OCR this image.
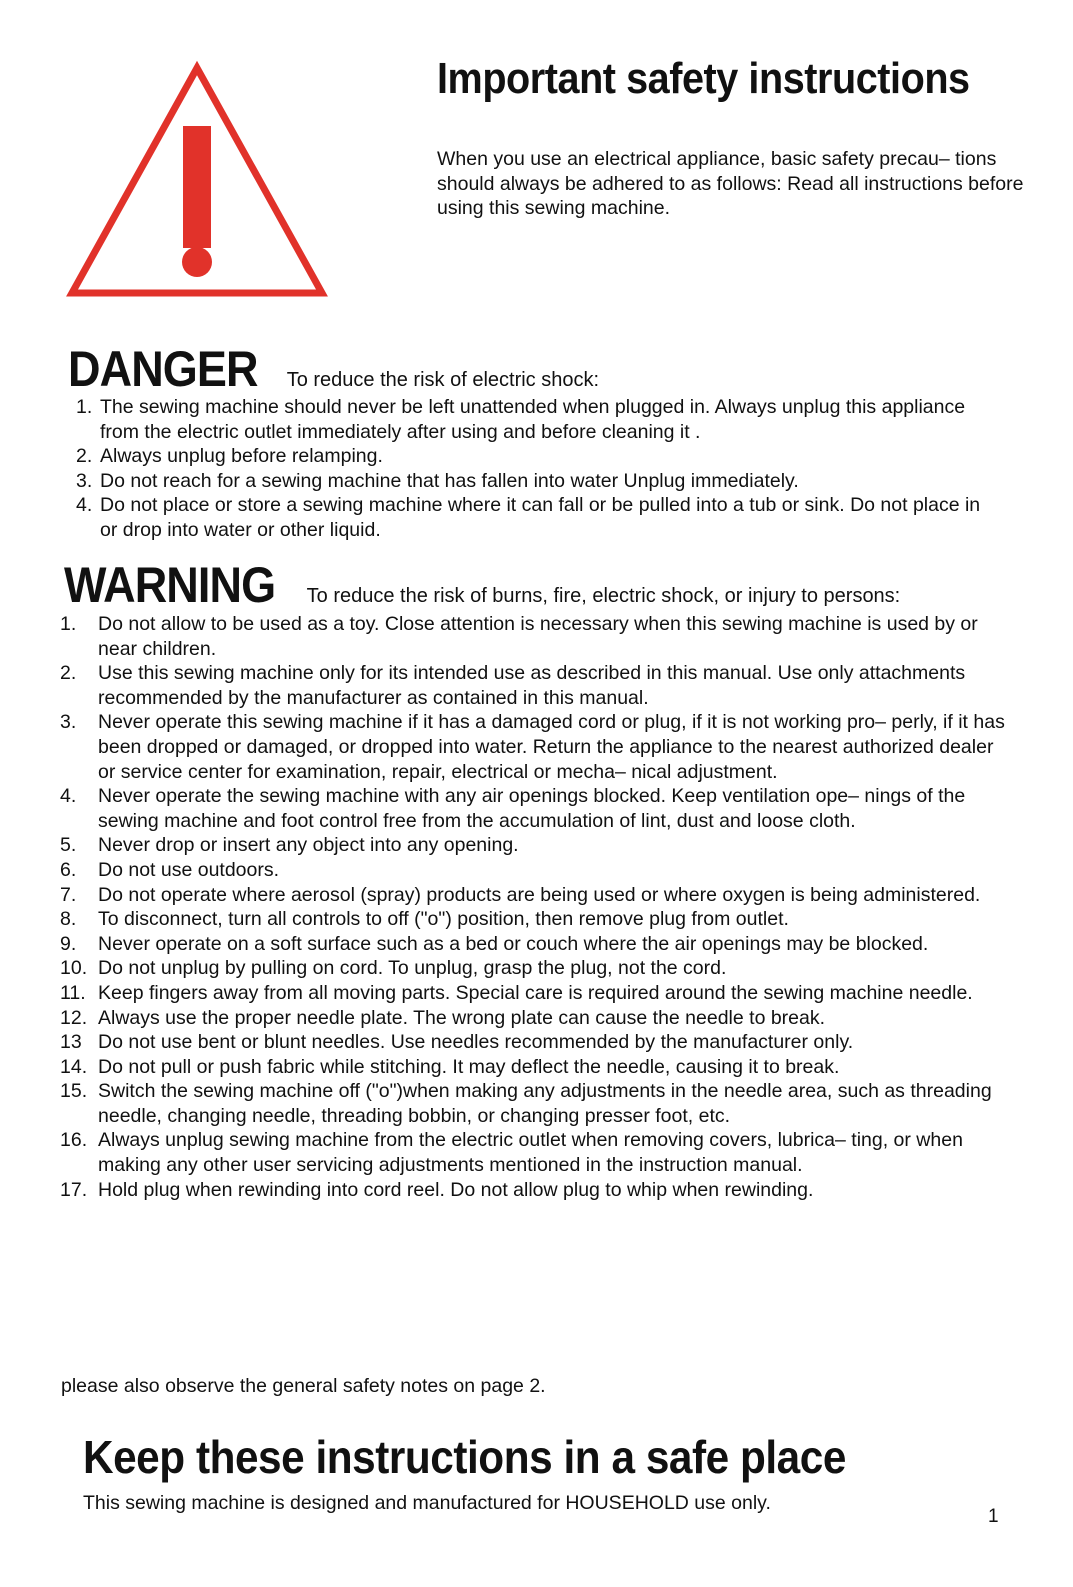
Important safety instructions
When you use an electrical appliance, basic safety precau– tions should always be adhered to as follows: Read all instructions before using this sewing machine.
DANGER To reduce the risk of electric shock:
1. The sewing machine should never be left unattended when plugged in. Always unplug this appliance from the electric outlet immediately after using and before cleaning it .
2. Always unplug before relamping.
3. Do not reach for a sewing machine that has fallen into water Unplug immediately.
4. Do not place or store a sewing machine where it can fall or be pulled into a tub or sink. Do not place in or drop into water or other liquid.
WARNING To reduce the risk of burns, fire, electric shock, or injury to persons:
1. Do not allow to be used as a toy. Close attention is necessary when this sewing machine is used by or near children.
2. Use this sewing machine only for its intended use as described in this manual. Use only attachments recommended by the manufacturer as contained in this manual.
3. Never operate this sewing machine if it has a damaged cord or plug, if it is not working pro– perly, if it has been dropped or damaged, or dropped into water. Return the appliance to the nearest authorized dealer or service center for examination, repair, electrical or mecha– nical adjustment.
4. Never operate the sewing machine with any air openings blocked. Keep ventilation ope– nings of the sewing machine and foot control free from the accumulation of lint, dust and loose cloth.
5. Never drop or insert any object into any opening.
6. Do not use outdoors.
7. Do not operate where aerosol (spray) products are being used or where oxygen is being administered.
8. To disconnect, turn all controls to off ("o") position, then remove plug from outlet.
9. Never operate on a soft surface such as a bed or couch where the air openings may be blocked.
10. Do not unplug by pulling on cord. To unplug, grasp the plug, not the cord.
11. Keep fingers away from all moving parts. Special care is required around the sewing machine needle.
12. Always use the proper needle plate. The wrong plate can cause the needle to break.
13 Do not use bent or blunt needles. Use needles recommended by the manufacturer only.
14. Do not pull or push fabric while stitching. It may deflect the needle, causing it to break.
15. Switch the sewing machine off ("o")when making any adjustments in the needle area, such as threading needle, changing needle, threading bobbin, or changing presser foot, etc.
16. Always unplug sewing machine from the electric outlet when removing covers, lubrica– ting, or when making any other user servicing adjustments mentioned in the instruction manual.
17. Hold plug when rewinding into cord reel. Do not allow plug to whip when rewinding.
please also observe the general safety notes on page 2.
Keep these instructions in a safe place
This sewing machine is designed and manufactured for HOUSEHOLD use only.
1
